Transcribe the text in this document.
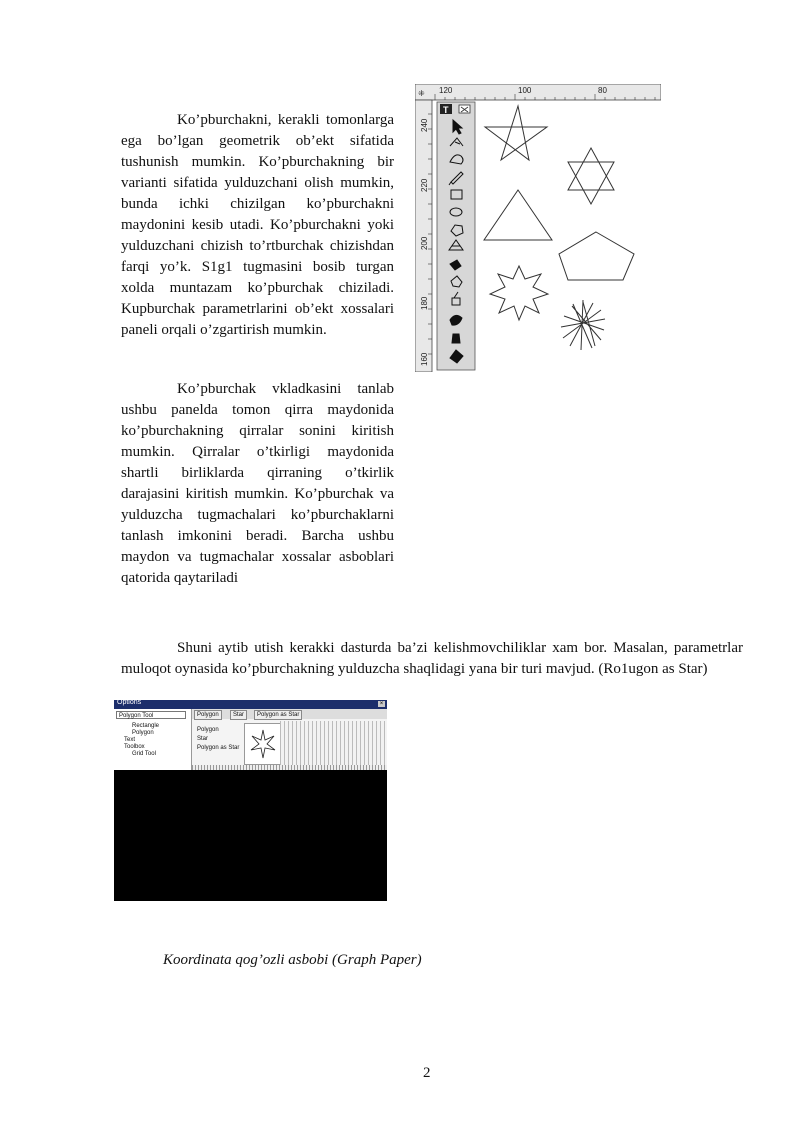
Ko’pburchakni, kerakli tomonlarga ega bo’lgan geometrik ob’ekt sifatida tushunish mumkin. Ko’pburchakning bir varianti sifatida yulduzchani olish mumkin, bunda ichki chizilgan ko’pburchakni maydonini kesib utadi. Ko’pburchakni yoki yulduzchani chizish to’rtburchak chizishdan farqi yo’k. S1g1 tugmasini bosib turgan xolda muntazam ko’pburchak chiziladi. Kupburchak parametrlarini ob’ekt xossalari paneli orqali o’zgartirish mumkin.
Ko’pburchak vkladkasini tanlab ushbu panelda tomon qirra maydonida ko’pburchakning qirralar sonini kiritish mumkin. Qirralar o’tkirligi maydonida shartli birliklarda qirraning o’tkirlik darajasini kiritish mumkin. Ko’pburchak va yulduzcha tugmachalari ko’pburchaklarni tanlash imkonini beradi. Barcha ushbu maydon va tugmachalar xossalar asboblari qatorida qaytariladi
Shuni aytib utish kerakki dasturda ba’zi kelishmovchiliklar xam bor. Masalan, parametrlar muloqot oynasida ko’pburchakning yulduzcha shaqlidagi yana bir turi mavjud. (Ro1ugon as Star)
120	100	80
⁜
240
220
200
180
160
T
Options	×
Polygon Tool
Rectangle
Polygon
Text
Toolbox
Grid Tool
Polygon	Star	Polygon as Star
Polygon
Star
Polygon as Star
Koordinata qog’ozli asbobi (Graph Paper)
2
